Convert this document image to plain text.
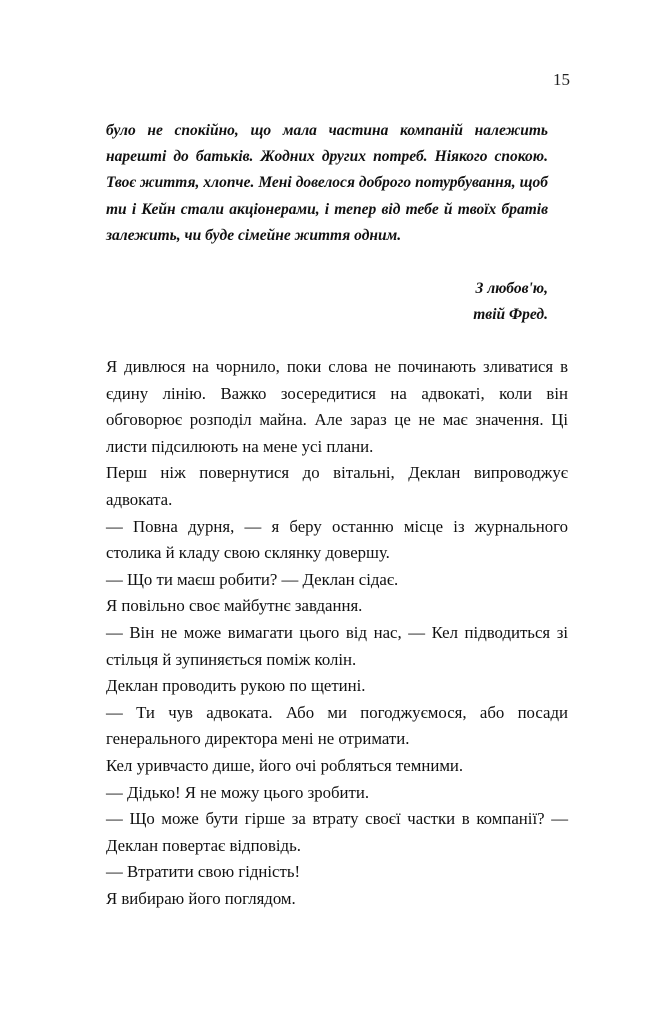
15

було не спокійно, що мала частина компаній належить нарешті до батьків. Жодних других потреб. Ніякого спокою. Твоє життя, хлопче. Мені довелося доброго потурбування, щоб ти і Кейн стали акціонерами, і тепер від тебе й твоїх братів залежить, чи буде сімейне життя одним.

З любов'ю,
твій Фред.

Я дивлюся на чорнило, поки слова не починають зливатися в єдину лінію. Важко зосередитися на адвокаті, коли він обговорює розподіл майна. Але зараз це не має значення. Ці листи підсилюють на мене усі плани.

Перш ніж повернутися до вітальні, Деклан випроводжує адвоката.

— Повна дурня, — я беру останню місце із журнального столика й кладу свою склянку довершу.

— Що ти маєш робити? — Деклан сідає.

Я повільно своє майбутнє завдання.

— Він не може вимагати цього від нас, — Кел підводиться зі стільця й зупиняється поміж колін.

Деклан проводить рукою по щетині.

— Ти чув адвоката. Або ми погоджуємося, або посади генерального директора мені не отримати.

Кел уривчасто дише, його очі робляться темними.

— Дідько! Я не можу цього зробити.

— Що може бути гірше за втрату своєї частки в компанії? — Деклан повертає відповідь.

— Втратити свою гідність!

Я вибираю його поглядом.
